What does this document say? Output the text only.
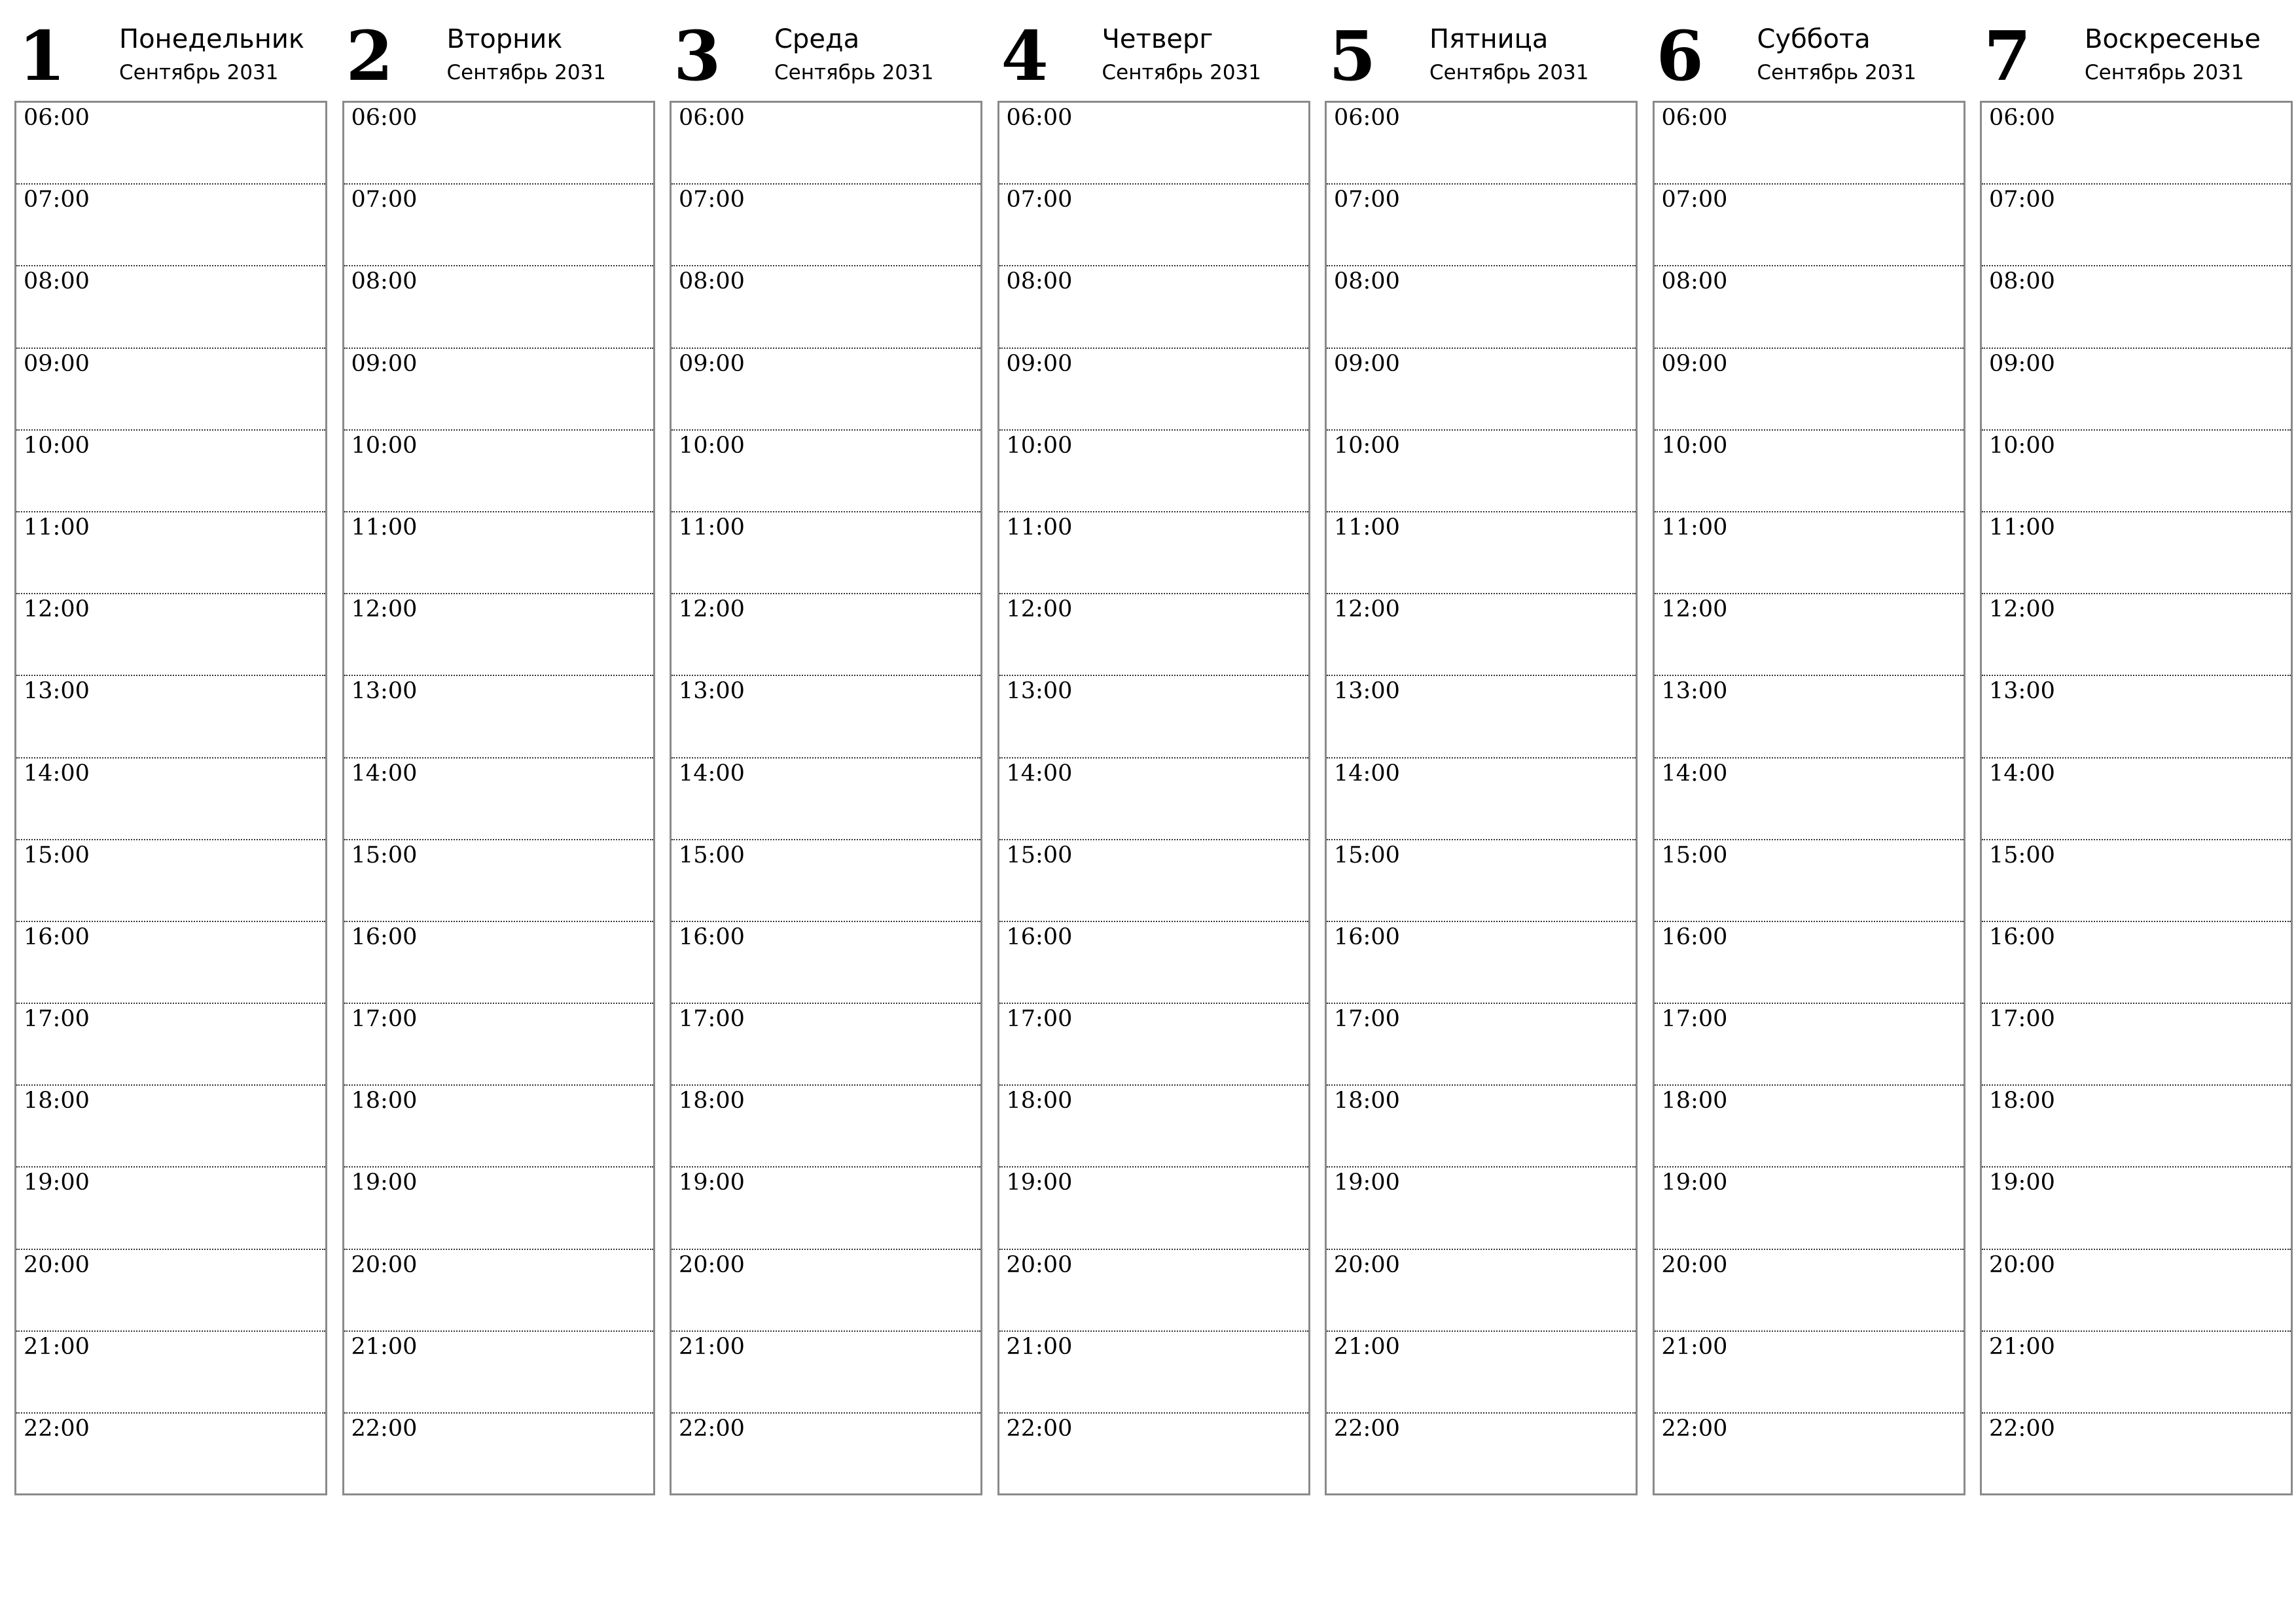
1 Понедельник
Сентябрь 2031
06:00
07:00
08:00
09:00
10:00
11:00
12:00
13:00
14:00
15:00
16:00
17:00
18:00
19:00
20:00
21:00
22:00
2 Вторник
Сентябрь 2031
06:00
07:00
08:00
09:00
10:00
11:00
12:00
13:00
14:00
15:00
16:00
17:00
18:00
19:00
20:00
21:00
22:00
3 Среда
Сентябрь 2031
06:00
07:00
08:00
09:00
10:00
11:00
12:00
13:00
14:00
15:00
16:00
17:00
18:00
19:00
20:00
21:00
22:00
4 Четверг
Сентябрь 2031
06:00
07:00
08:00
09:00
10:00
11:00
12:00
13:00
14:00
15:00
16:00
17:00
18:00
19:00
20:00
21:00
22:00
5 Пятница
Сентябрь 2031
06:00
07:00
08:00
09:00
10:00
11:00
12:00
13:00
14:00
15:00
16:00
17:00
18:00
19:00
20:00
21:00
22:00
6 Суббота
Сентябрь 2031
06:00
07:00
08:00
09:00
10:00
11:00
12:00
13:00
14:00
15:00
16:00
17:00
18:00
19:00
20:00
21:00
22:00
7 Воскресенье
Сентябрь 2031
06:00
07:00
08:00
09:00
10:00
11:00
12:00
13:00
14:00
15:00
16:00
17:00
18:00
19:00
20:00
21:00
22:00
